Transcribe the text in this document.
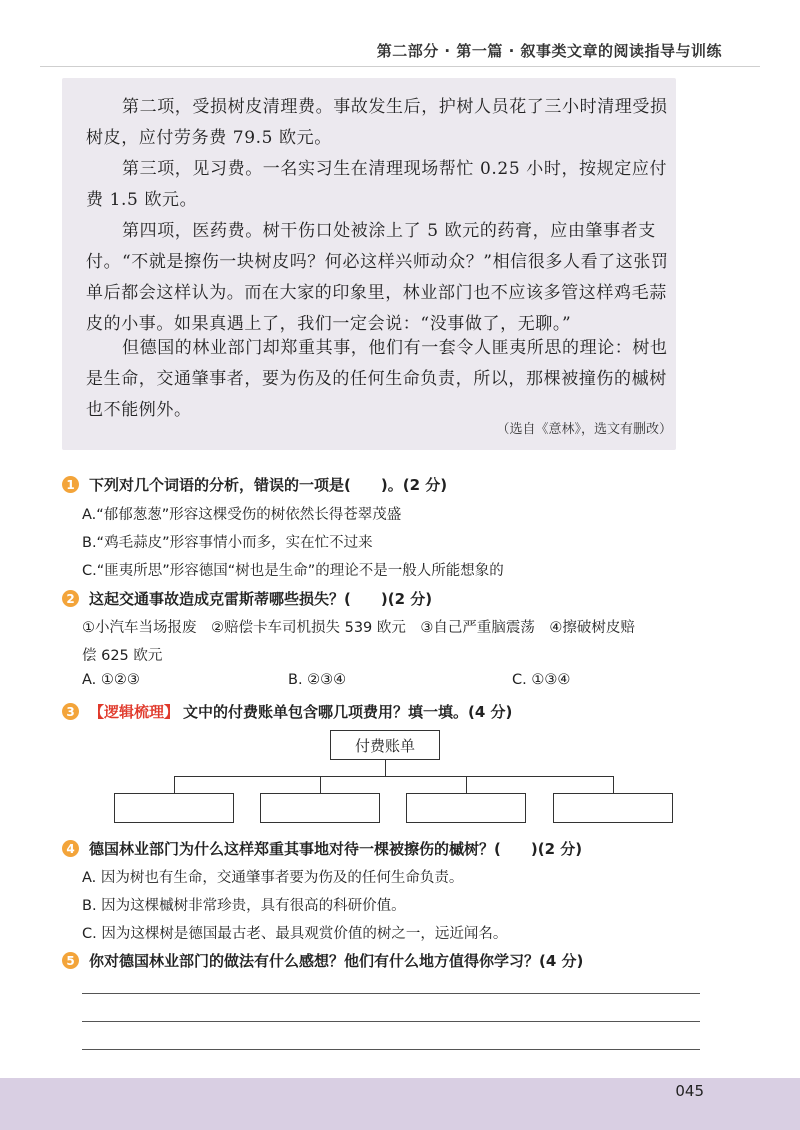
第二部分 · 第一篇 · 叙事类文章的阅读指导与训练

第二项，受损树皮清理费。事故发生后，护树人员花了三小时清理受损树皮，应付劳务费 79.5 欧元。

第三项，见习费。一名实习生在清理现场帮忙 0.25 小时，按规定应付费 1.5 欧元。

第四项，医药费。树干伤口处被涂上了 5 欧元的药膏，应由肇事者支付。 “不就是擦伤一块树皮吗？何必这样兴师动众？”相信很多人看了这张罚单后都会这样认为。而在大家的印象里，林业部门也不应该多管这样鸡毛蒜皮的小事。如果真遇上了，我们一定会说：“没事做了，无聊。”

但德国的林业部门却郑重其事，他们有一套令人匪夷所思的理论：树也是生命，交通肇事者，要为伤及的任何生命负责，所以，那棵被撞伤的槭树也不能例外。

（选自《意林》，选文有删改）
1 下列对几个词语的分析，错误的一项是(　　)。(2 分)
A.“郁郁葱葱”形容这棵受伤的树依然长得苍翠茂盛
B.“鸡毛蒜皮”形容事情小而多，实在忙不过来
C.“匪夷所思”形容德国“树也是生命”的理论不是一般人所能想象的
2 这起交通事故造成克雷斯蒂哪些损失？(　　)(2 分)
①小汽车当场报废　②赔偿卡车司机损失 539 欧元　③自己严重脑震荡　④擦破树皮赔
偿 625 欧元
A. ①②③	B. ②③④	C. ①③④
3 【逻辑梳理】 文中的付费账单包含哪几项费用？填一填。(4 分)
付费账单
4 德国林业部门为什么这样郑重其事地对待一棵被擦伤的槭树？(　　)(2 分)
A. 因为树也有生命，交通肇事者要为伤及的任何生命负责。
B. 因为这棵槭树非常珍贵，具有很高的科研价值。
C. 因为这棵树是德国最古老、最具观赏价值的树之一，远近闻名。
5 你对德国林业部门的做法有什么感想？他们有什么地方值得你学习？(4 分)
045
